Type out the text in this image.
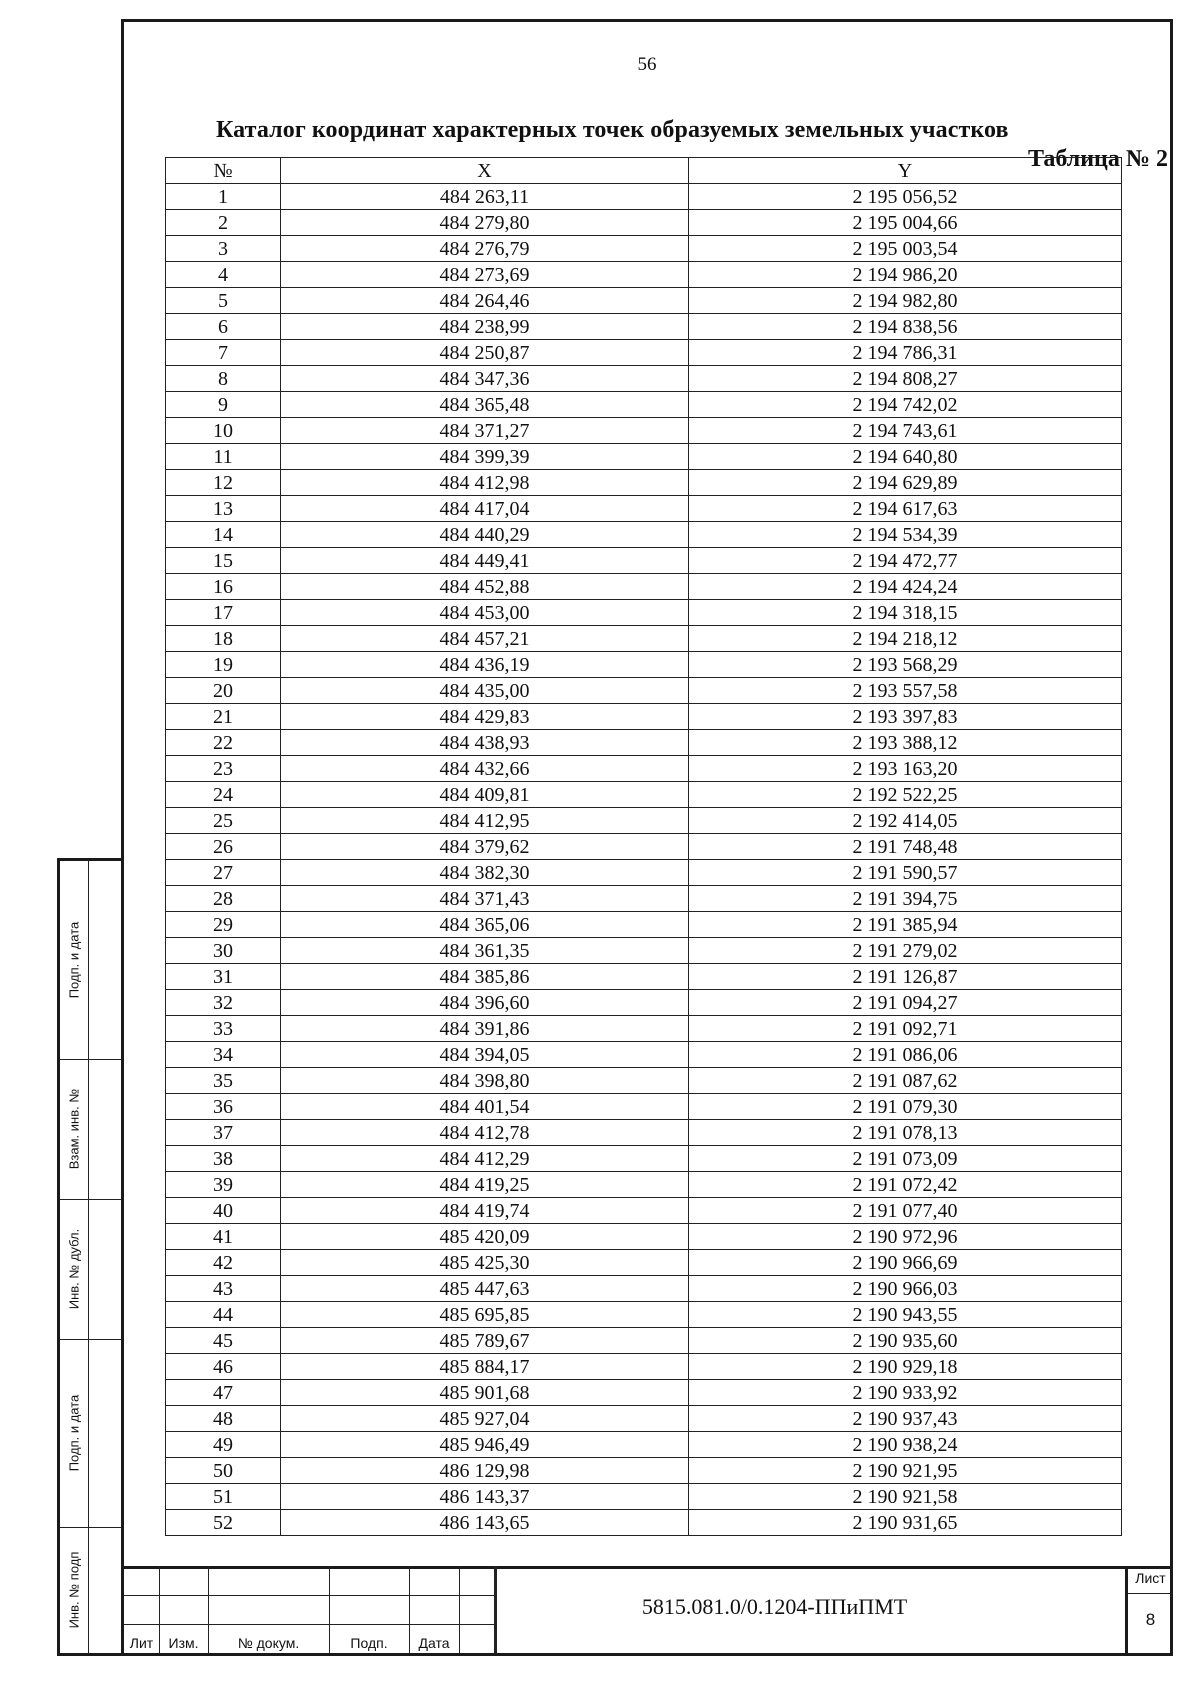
Подп. и дата
Взам. инв. №
Инв. № дубл.
Подп. и дата
Инв. № подп
56
Каталог координат характерных точек образуемых земельных участков
Таблица № 2
№	X	Y
1	484 263,11	2 195 056,52
2	484 279,80	2 195 004,66
3	484 276,79	2 195 003,54
4	484 273,69	2 194 986,20
5	484 264,46	2 194 982,80
6	484 238,99	2 194 838,56
7	484 250,87	2 194 786,31
8	484 347,36	2 194 808,27
9	484 365,48	2 194 742,02
10	484 371,27	2 194 743,61
11	484 399,39	2 194 640,80
12	484 412,98	2 194 629,89
13	484 417,04	2 194 617,63
14	484 440,29	2 194 534,39
15	484 449,41	2 194 472,77
16	484 452,88	2 194 424,24
17	484 453,00	2 194 318,15
18	484 457,21	2 194 218,12
19	484 436,19	2 193 568,29
20	484 435,00	2 193 557,58
21	484 429,83	2 193 397,83
22	484 438,93	2 193 388,12
23	484 432,66	2 193 163,20
24	484 409,81	2 192 522,25
25	484 412,95	2 192 414,05
26	484 379,62	2 191 748,48
27	484 382,30	2 191 590,57
28	484 371,43	2 191 394,75
29	484 365,06	2 191 385,94
30	484 361,35	2 191 279,02
31	484 385,86	2 191 126,87
32	484 396,60	2 191 094,27
33	484 391,86	2 191 092,71
34	484 394,05	2 191 086,06
35	484 398,80	2 191 087,62
36	484 401,54	2 191 079,30
37	484 412,78	2 191 078,13
38	484 412,29	2 191 073,09
39	484 419,25	2 191 072,42
40	484 419,74	2 191 077,40
41	485 420,09	2 190 972,96
42	485 425,30	2 190 966,69
43	485 447,63	2 190 966,03
44	485 695,85	2 190 943,55
45	485 789,67	2 190 935,60
46	485 884,17	2 190 929,18
47	485 901,68	2 190 933,92
48	485 927,04	2 190 937,43
49	485 946,49	2 190 938,24
50	486 129,98	2 190 921,95
51	486 143,37	2 190 921,58
52	486 143,65	2 190 931,65
Лит	Изм.	№ докум.	Подп.	Дата
5815.081.0/0.1204-ППиПМТ
Лист
8
